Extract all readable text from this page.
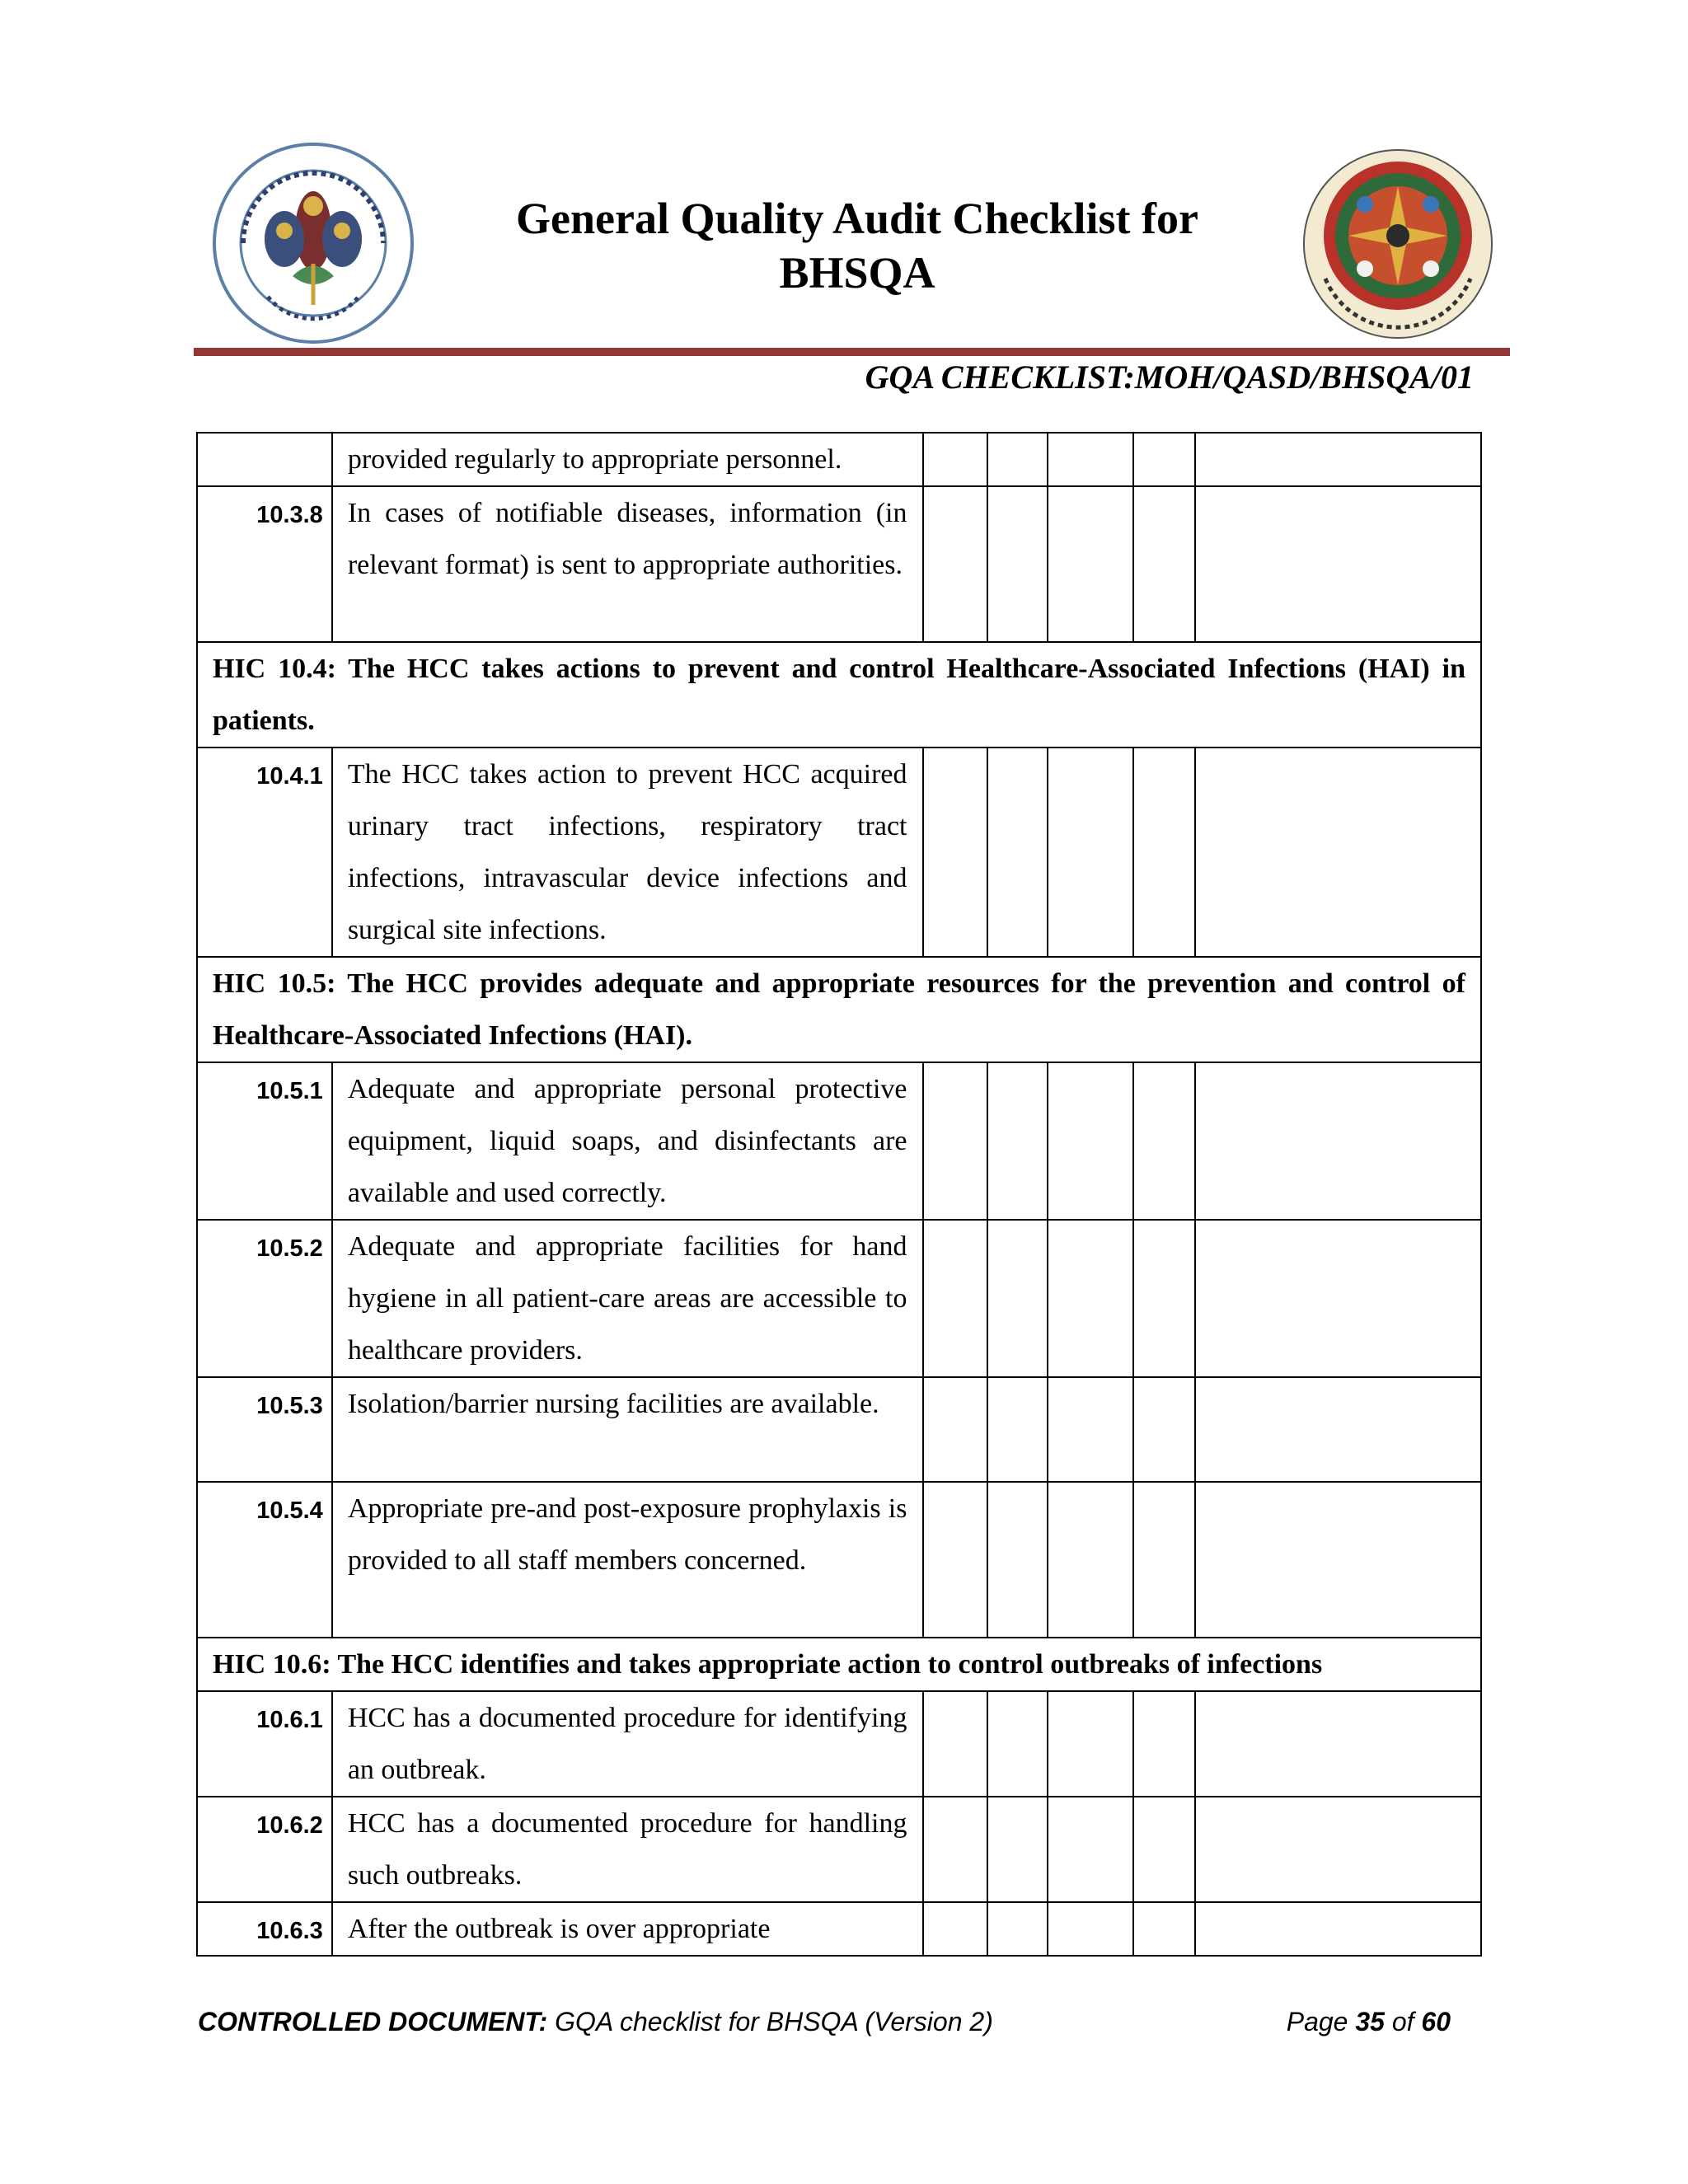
General Quality Audit Checklist for
BHSQA
GQA CHECKLIST:MOH/QASD/BHSQA/01
	provided regularly to appropriate personnel.					
10.3.8	In cases of notifiable diseases, information (in relevant format) is sent to appropriate authorities.					
HIC 10.4: The HCC takes actions to prevent and control Healthcare-Associated Infections (HAI) in patients.						
10.4.1	The HCC takes action to prevent HCC acquired urinary tract infections, respiratory tract infections, intravascular device infections and surgical site infections.					
HIC 10.5: The HCC provides adequate and appropriate resources for the prevention and control of Healthcare-Associated Infections (HAI).						
10.5.1	Adequate and appropriate personal protective equipment, liquid soaps, and disinfectants are available and used correctly.					
10.5.2	Adequate and appropriate facilities for hand hygiene in all patient-care areas are accessible to healthcare providers.					
10.5.3	Isolation/barrier nursing facilities are available.					
10.5.4	Appropriate pre-and post-exposure prophylaxis is provided to all staff members concerned.					
HIC 10.6: The HCC identifies and takes appropriate action to control outbreaks of infections						
10.6.1	HCC has a documented procedure for identifying an outbreak.					
10.6.2	HCC has a documented procedure for handling such outbreaks.					
10.6.3	After the outbreak is over appropriate					
CONTROLLED DOCUMENT: GQA checklist for BHSQA (Version 2)	Page 35 of 60
